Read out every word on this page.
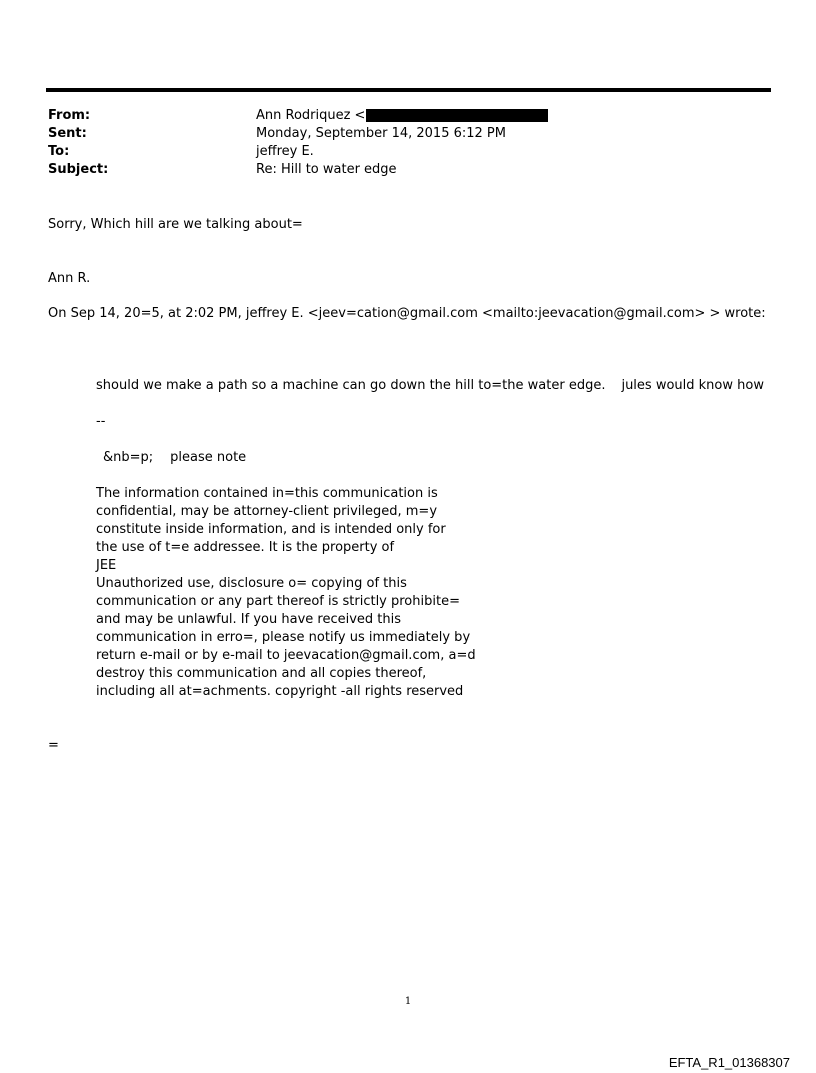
From:	Ann Rodriquez <
Sent:	Monday, September 14, 2015 6:12 PM
To:	jeffrey E.
Subject:	Re: Hill to water edge
Sorry, Which hill are we talking about=
Ann R.
On Sep 14, 20=5, at 2:02 PM, jeffrey E. <jeev=cation@gmail.com <mailto:jeevacation@gmail.com> > wrote:
should we make a path so a machine can go down the hill to=the water edge. jules would know how
--
&nb=p; please note
The information contained in=this communication is
confidential, may be attorney-client privileged, m=y
constitute inside information, and is intended only for
the use of t=e addressee. It is the property of
JEE
Unauthorized use, disclosure o= copying of this
communication or any part thereof is strictly prohibite=
and may be unlawful. If you have received this
communication in erro=, please notify us immediately by
return e-mail or by e-mail to jeevacation@gmail.com, a=d
destroy this communication and all copies thereof,
including all at=achments. copyright -all rights reserved
=
1
EFTA_R1_01368307
